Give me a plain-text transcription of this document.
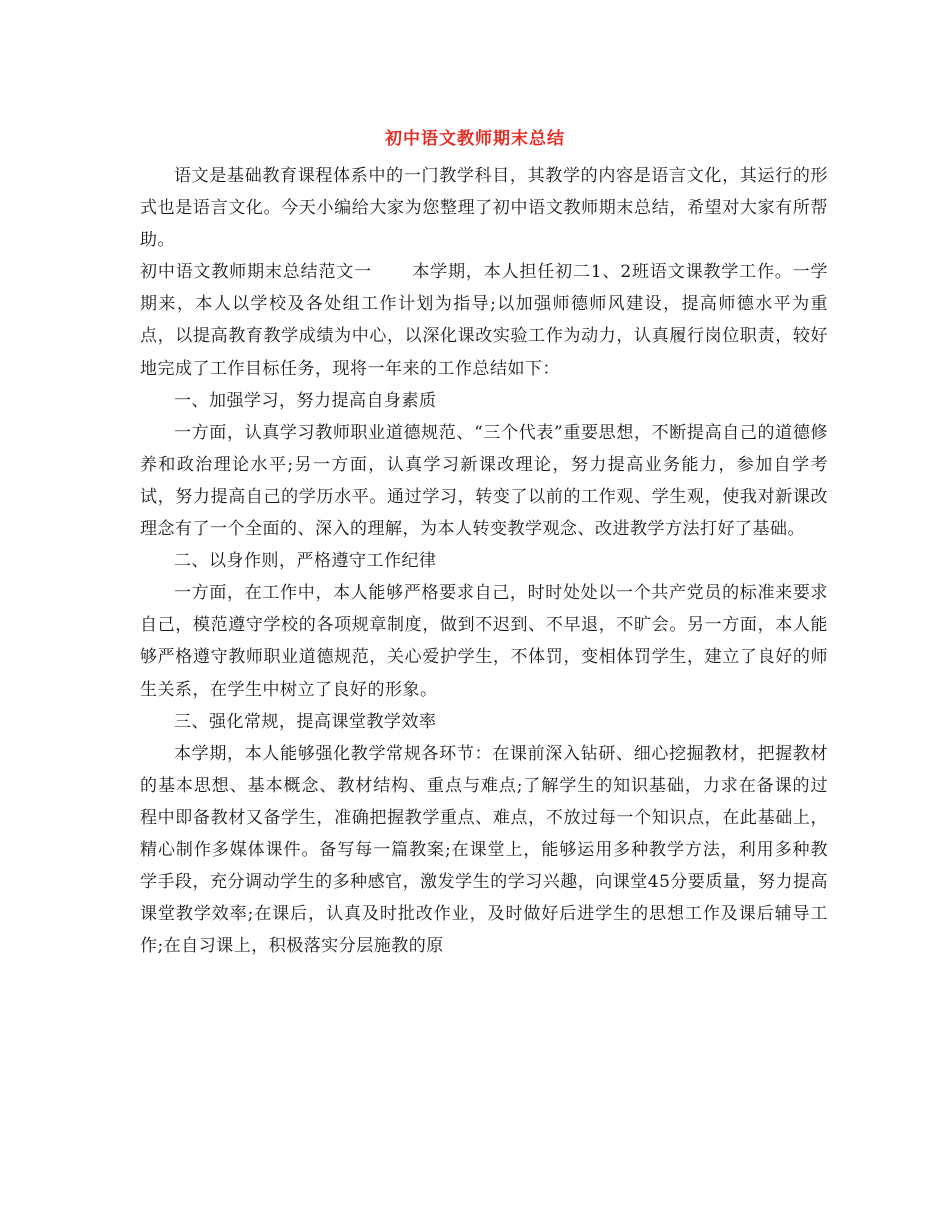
初中语文教师期末总结

语文是基础教育课程体系中的一门教学科目，其教学的内容是语言文化，其运行的形式也是语言文化。今天小编给大家为您整理了初中语文教师期末总结，希望对大家有所帮助。

初中语文教师期末总结范文一 本学期，本人担任初二1、2班语文课教学工作。一学期来，本人以学校及各处组工作计划为指导;以加强师德师风建设，提高师德水平为重点，以提高教育教学成绩为中心，以深化课改实验工作为动力，认真履行岗位职责，较好地完成了工作目标任务，现将一年来的工作总结如下：

一、加强学习，努力提高自身素质

一方面，认真学习教师职业道德规范、“三个代表”重要思想，不断提高自己的道德修养和政治理论水平;另一方面，认真学习新课改理论，努力提高业务能力，参加自学考试，努力提高自己的学历水平。通过学习，转变了以前的工作观、学生观，使我对新课改理念有了一个全面的、深入的理解，为本人转变教学观念、改进教学方法打好了基础。

二、以身作则，严格遵守工作纪律

一方面，在工作中，本人能够严格要求自己，时时处处以一个共产党员的标准来要求自己，模范遵守学校的各项规章制度，做到不迟到、不早退，不旷会。另一方面，本人能够严格遵守教师职业道德规范，关心爱护学生，不体罚，变相体罚学生，建立了良好的师生关系，在学生中树立了良好的形象。

三、强化常规，提高课堂教学效率

本学期，本人能够强化教学常规各环节：在课前深入钻研、细心挖掘教材，把握教材的基本思想、基本概念、教材结构、重点与难点;了解学生的知识基础，力求在备课的过程中即备教材又备学生，准确把握教学重点、难点，不放过每一个知识点，在此基础上，精心制作多媒体课件。备写每一篇教案;在课堂上，能够运用多种教学方法，利用多种教学手段，充分调动学生的多种感官，激发学生的学习兴趣，向课堂45分要质量，努力提高课堂教学效率;在课后，认真及时批改作业，及时做好后进学生的思想工作及课后辅导工作;在自习课上，积极落实分层施教的原
